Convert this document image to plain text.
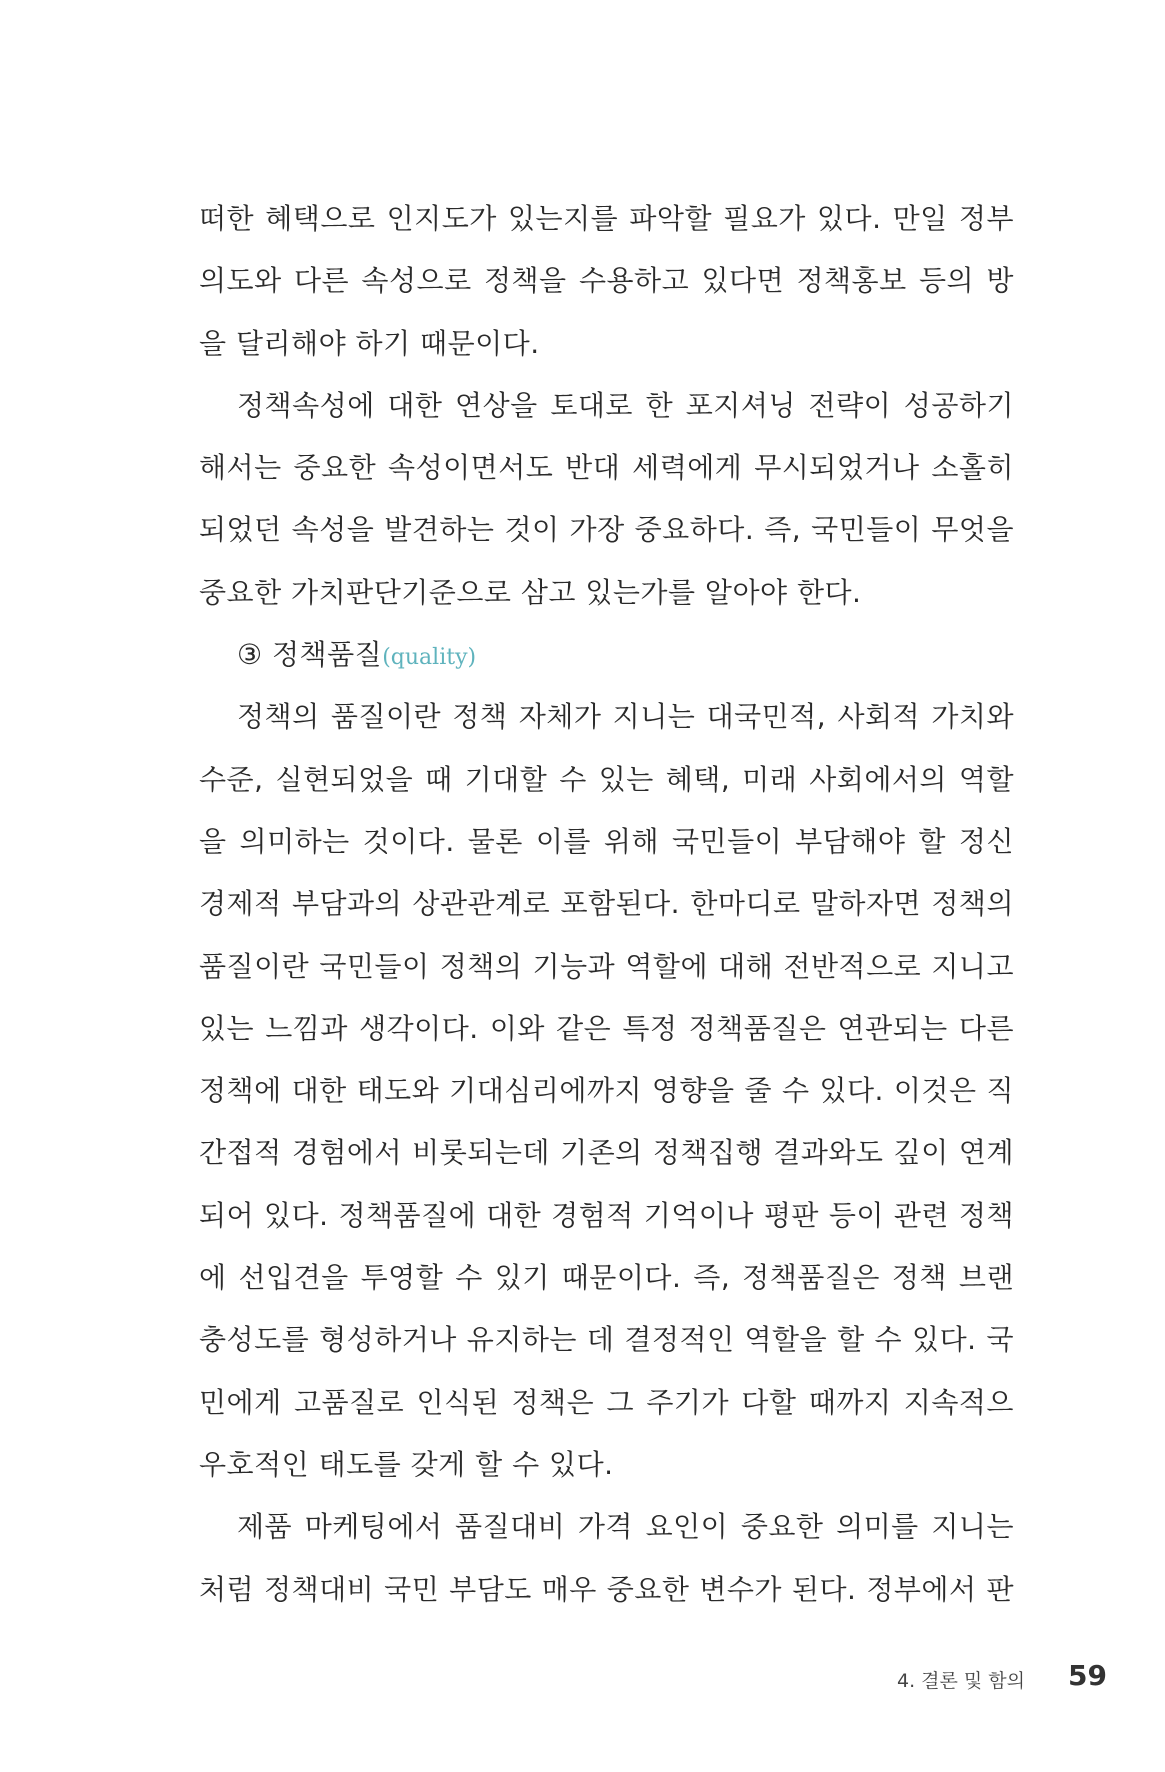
떠한 혜택으로 인지도가 있는지를 파악할 필요가 있다. 만일 정부
의도와 다른 속성으로 정책을 수용하고 있다면 정책홍보 등의 방
을 달리해야 하기 때문이다.
정책속성에 대한 연상을 토대로 한 포지셔닝 전략이 성공하기
해서는 중요한 속성이면서도 반대 세력에게 무시되었거나 소홀히
되었던 속성을 발견하는 것이 가장 중요하다. 즉, 국민들이 무엇을
중요한 가치판단기준으로 삼고 있는가를 알아야 한다.
③ 정책품질(quality)
정책의 품질이란 정책 자체가 지니는 대국민적, 사회적 가치와
수준, 실현되었을 때 기대할 수 있는 혜택, 미래 사회에서의 역할
을 의미하는 것이다. 물론 이를 위해 국민들이 부담해야 할 정신
경제적 부담과의 상관관계로 포함된다. 한마디로 말하자면 정책의
품질이란 국민들이 정책의 기능과 역할에 대해 전반적으로 지니고
있는 느낌과 생각이다. 이와 같은 특정 정책품질은 연관되는 다른
정책에 대한 태도와 기대심리에까지 영향을 줄 수 있다. 이것은 직
간접적 경험에서 비롯되는데 기존의 정책집행 결과와도 깊이 연계
되어 있다. 정책품질에 대한 경험적 기억이나 평판 등이 관련 정책
에 선입견을 투영할 수 있기 때문이다. 즉, 정책품질은 정책 브랜
충성도를 형성하거나 유지하는 데 결정적인 역할을 할 수 있다. 국
민에게 고품질로 인식된 정책은 그 주기가 다할 때까지 지속적으
우호적인 태도를 갖게 할 수 있다.
제품 마케팅에서 품질대비 가격 요인이 중요한 의미를 지니는
처럼 정책대비 국민 부담도 매우 중요한 변수가 된다. 정부에서 판
4. 결론 및 함의 59
